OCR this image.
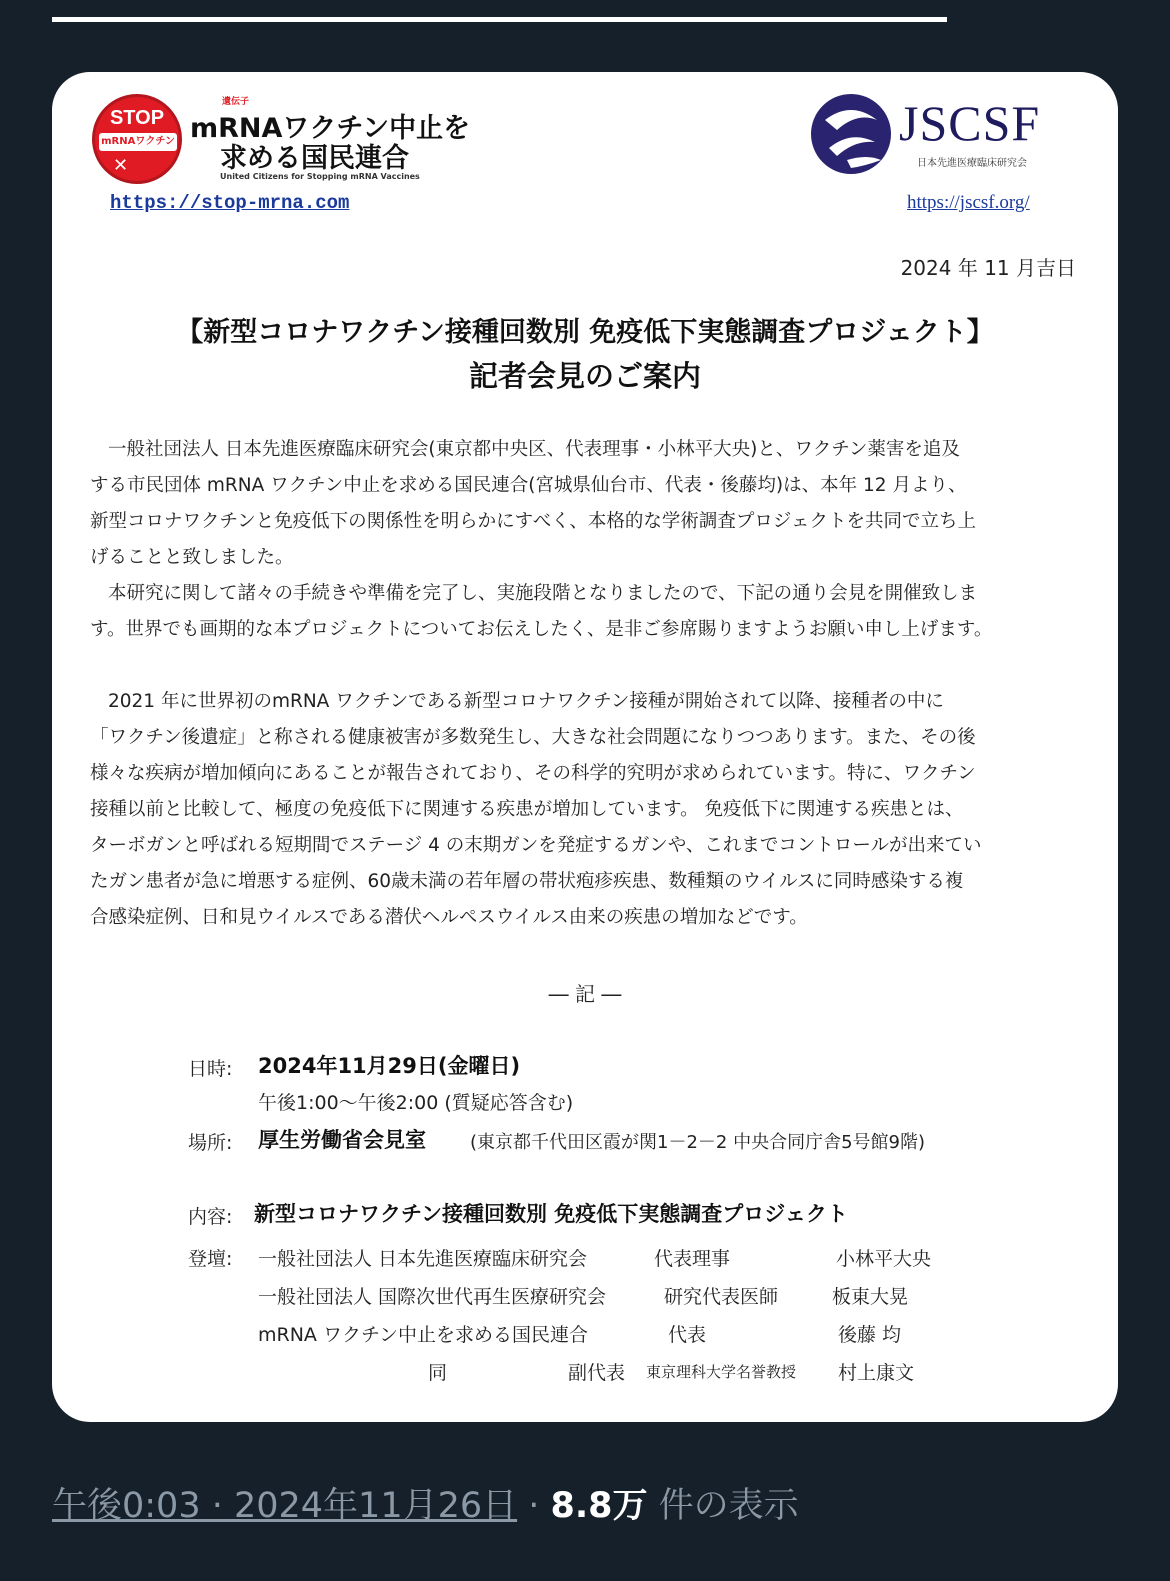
STOP
mRNAワクチン
✕
遺伝子
mRNAワクチン中止を
求める国民連合
United Citizens for Stopping mRNA Vaccines
https://stop-mrna.com
JSCSF
日本先進医療臨床研究会
https://jscsf.org/
2024 年 11 月吉日
【新型コロナワクチン接種回数別 免疫低下実態調査プロジェクト】
記者会見のご案内

一般社団法人 日本先進医療臨床研究会(東京都中央区、代表理事・小林平大央)と、ワクチン薬害を追及

する市民団体 mRNA ワクチン中止を求める国民連合(宮城県仙台市、代表・後藤均)は、本年 12 月より、

新型コロナワクチンと免疫低下の関係性を明らかにすべく、本格的な学術調査プロジェクトを共同で立ち上

げることと致しました。

本研究に関して諸々の手続きや準備を完了し、実施段階となりましたので、下記の通り会見を開催致しま

す。世界でも画期的な本プロジェクトについてお伝えしたく、是非ご参席賜りますようお願い申し上げます。

2021 年に世界初のmRNA ワクチンである新型コロナワクチン接種が開始されて以降、接種者の中に

「ワクチン後遺症」と称される健康被害が多数発生し、大きな社会問題になりつつあります。また、その後

様々な疾病が増加傾向にあることが報告されており、その科学的究明が求められています。特に、ワクチン

接種以前と比較して、極度の免疫低下に関連する疾患が増加しています。 免疫低下に関連する疾患とは、

ターボガンと呼ばれる短期間でステージ 4 の末期ガンを発症するガンや、これまでコントロールが出来てい

たガン患者が急に増悪する症例、60歳未満の若年層の帯状疱疹疾患、数種類のウイルスに同時感染する複

合感染症例、日和見ウイルスである潜伏ヘルペスウイルス由来の疾患の増加などです。

― 記 ―
日時: 2024年11月29日(金曜日)
午後1:00～午後2:00 (質疑応答含む)
場所: 厚生労働省会見室 (東京都千代田区霞が関1－2－2 中央合同庁舎5号館9階)
内容: 新型コロナワクチン接種回数別 免疫低下実態調査プロジェクト
登壇: 一般社団法人 日本先進医療臨床研究会	代表理事	小林平大央
一般社団法人 国際次世代再生医療研究会	研究代表医師	板東大晃
mRNA ワクチン中止を求める国民連合	代表	後藤 均
同	副代表 東京理科大学名誉教授 村上康文
午後0:03 · 2024年11月26日 · 8.8万 件の表示
